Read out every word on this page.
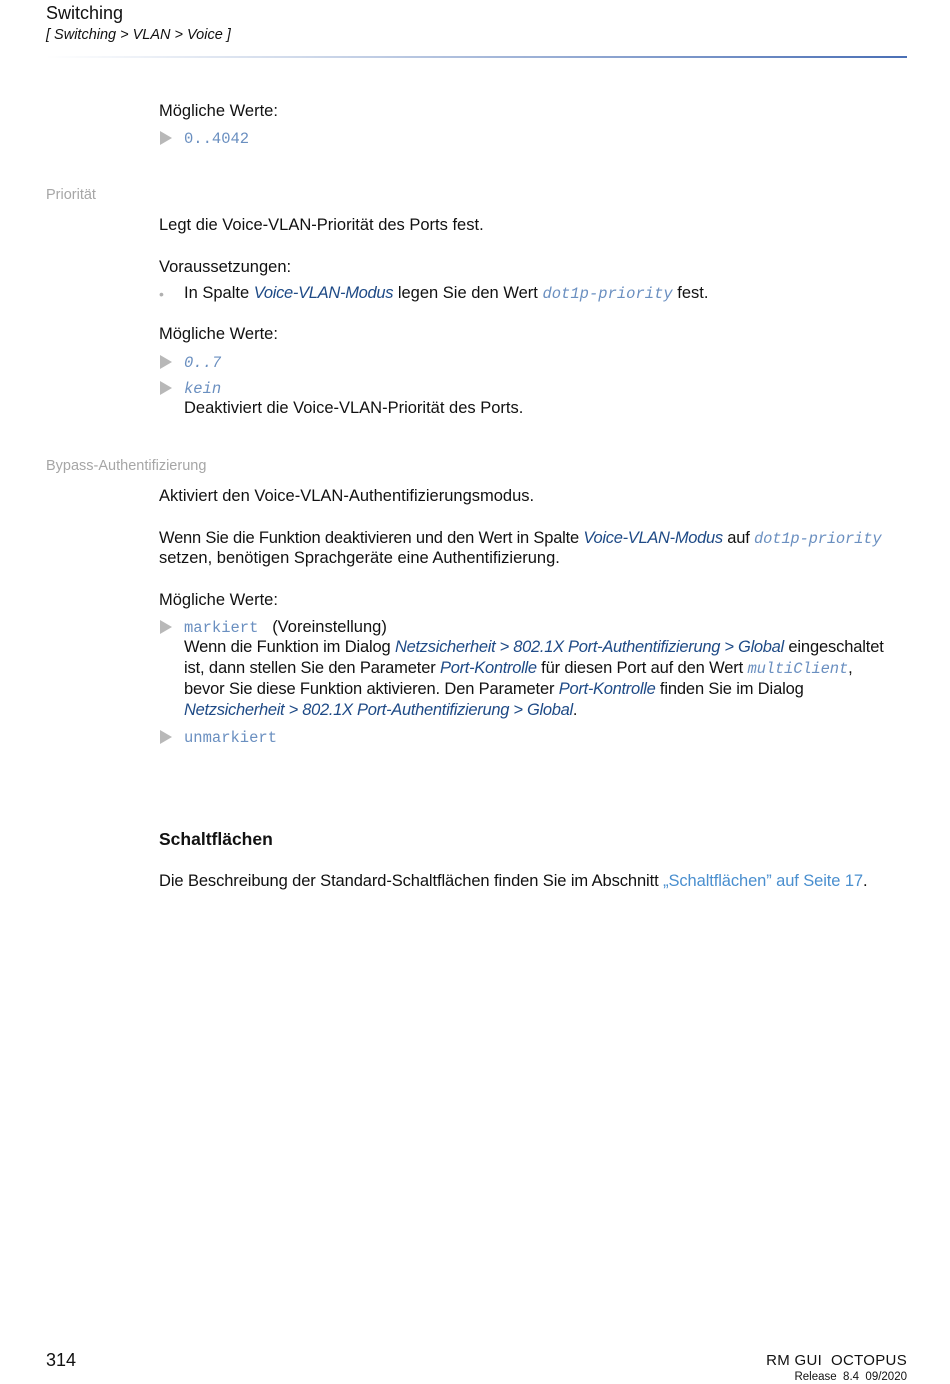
Switching
[ Switching > VLAN > Voice ]
Mögliche Werte:
0..4042
Priorität
Legt die Voice-VLAN-Priorität des Ports fest.
Voraussetzungen:
• In Spalte Voice-VLAN-Modus legen Sie den Wert dot1p-priority fest.
Mögliche Werte:
0..7
kein
Deaktiviert die Voice-VLAN-Priorität des Ports.
Bypass-Authentifizierung
Aktiviert den Voice-VLAN-Authentifizierungsmodus.
Wenn Sie die Funktion deaktivieren und den Wert in Spalte Voice-VLAN-Modus auf dot1p-priority
setzen, benötigen Sprachgeräte eine Authentifizierung.
Mögliche Werte:
markiert (Voreinstellung)
Wenn die Funktion im Dialog Netzsicherheit > 802.1X Port-Authentifizierung > Global eingeschaltet
ist, dann stellen Sie den Parameter Port-Kontrolle für diesen Port auf den Wert multiClient,
bevor Sie diese Funktion aktivieren. Den Parameter Port-Kontrolle finden Sie im Dialog
Netzsicherheit > 802.1X Port-Authentifizierung > Global.
unmarkiert
Schaltflächen
Die Beschreibung der Standard-Schaltflächen finden Sie im Abschnitt „Schaltflächen” auf Seite 17.
314	RM GUI  OCTOPUS
Release  8.4  09/2020
